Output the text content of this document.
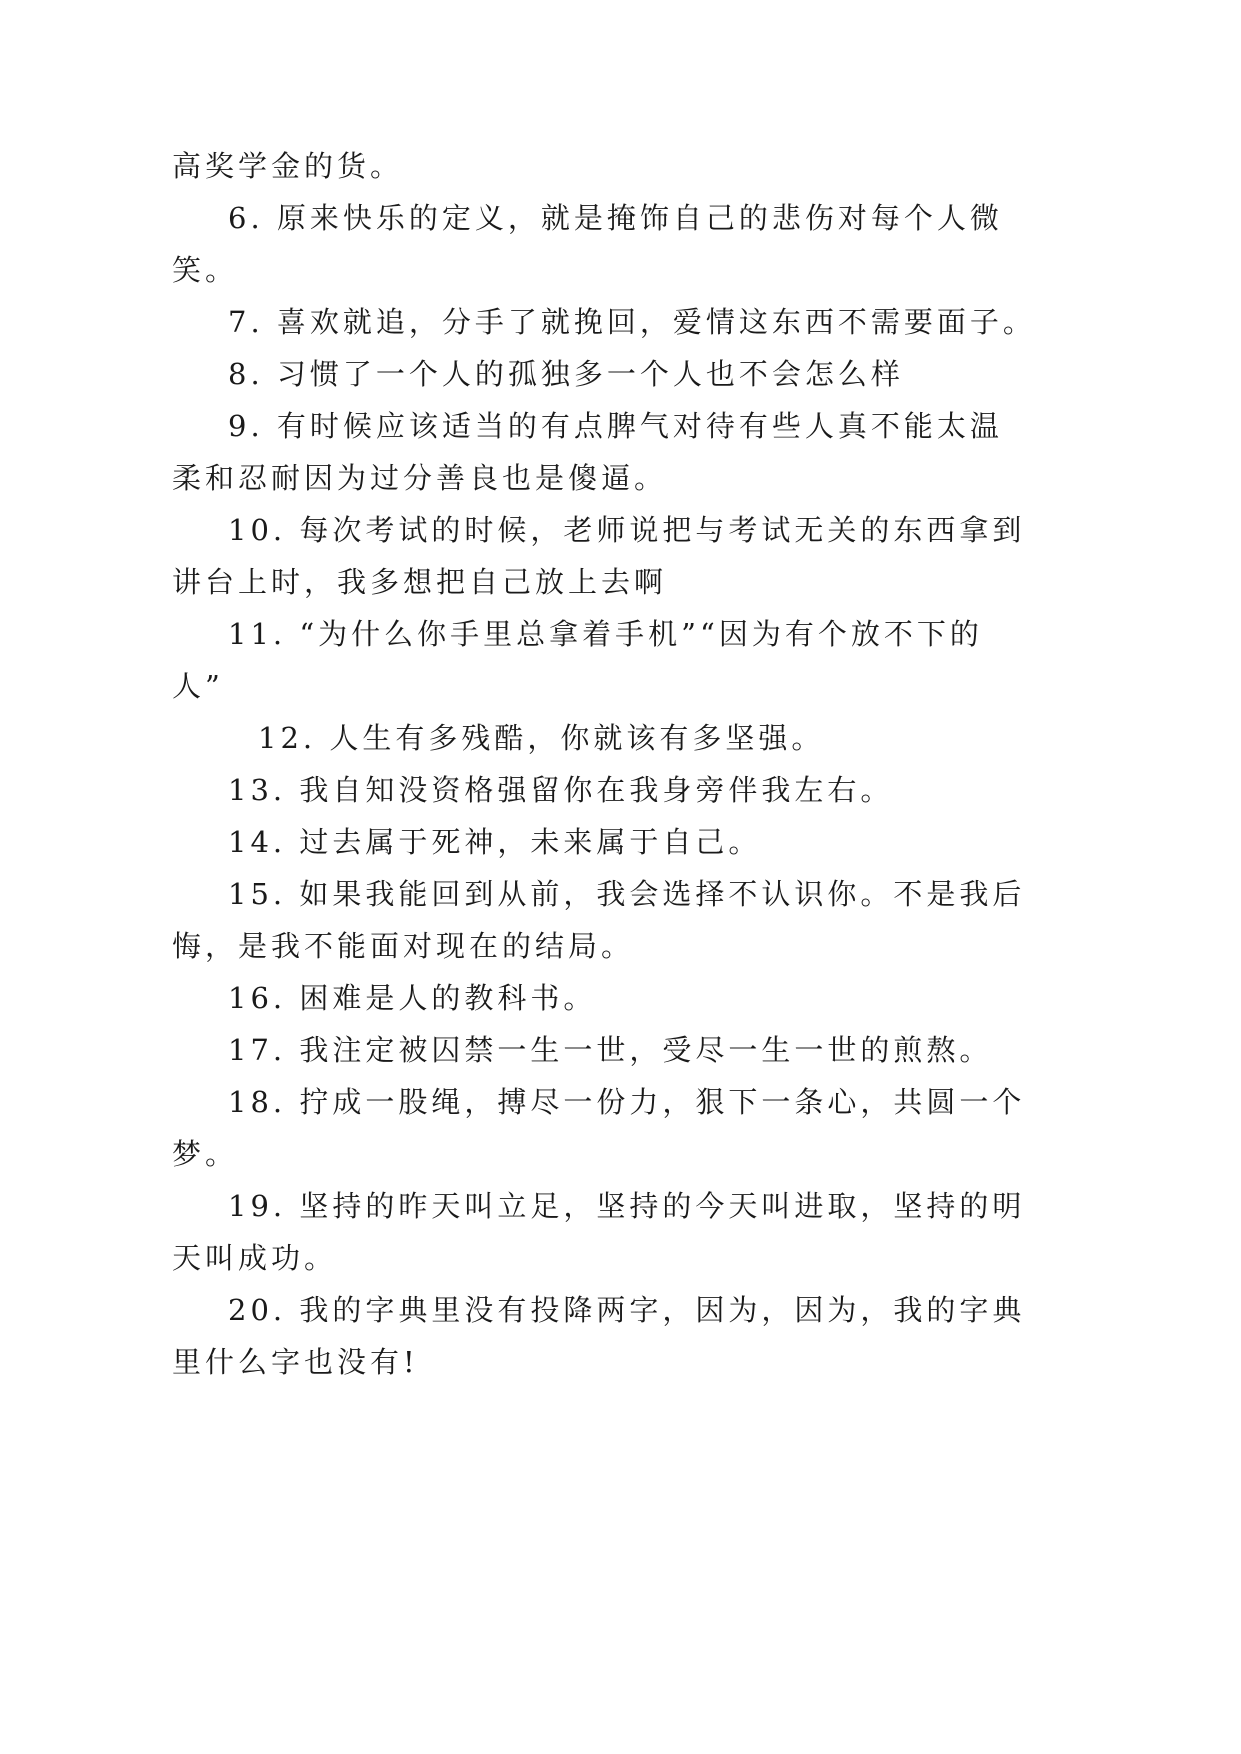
高奖学金的货。
6. 原来快乐的定义，就是掩饰自己的悲伤对每个人微
笑。
7. 喜欢就追，分手了就挽回，爱情这东西不需要面子。
8. 习惯了一个人的孤独多一个人也不会怎么样
9. 有时候应该适当的有点脾气对待有些人真不能太温
柔和忍耐因为过分善良也是傻逼。
10. 每次考试的时候，老师说把与考试无关的东西拿到
讲台上时，我多想把自己放上去啊
11. “为什么你手里总拿着手机”“因为有个放不下的
人”
12. 人生有多残酷，你就该有多坚强。
13. 我自知没资格强留你在我身旁伴我左右。
14. 过去属于死神，未来属于自己。
15. 如果我能回到从前，我会选择不认识你。不是我后
悔，是我不能面对现在的结局。
16. 困难是人的教科书。
17. 我注定被囚禁一生一世，受尽一生一世的煎熬。
18. 拧成一股绳，搏尽一份力，狠下一条心，共圆一个
梦。
19. 坚持的昨天叫立足，坚持的今天叫进取，坚持的明
天叫成功。
20. 我的字典里没有投降两字，因为，因为，我的字典
里什么字也没有!
